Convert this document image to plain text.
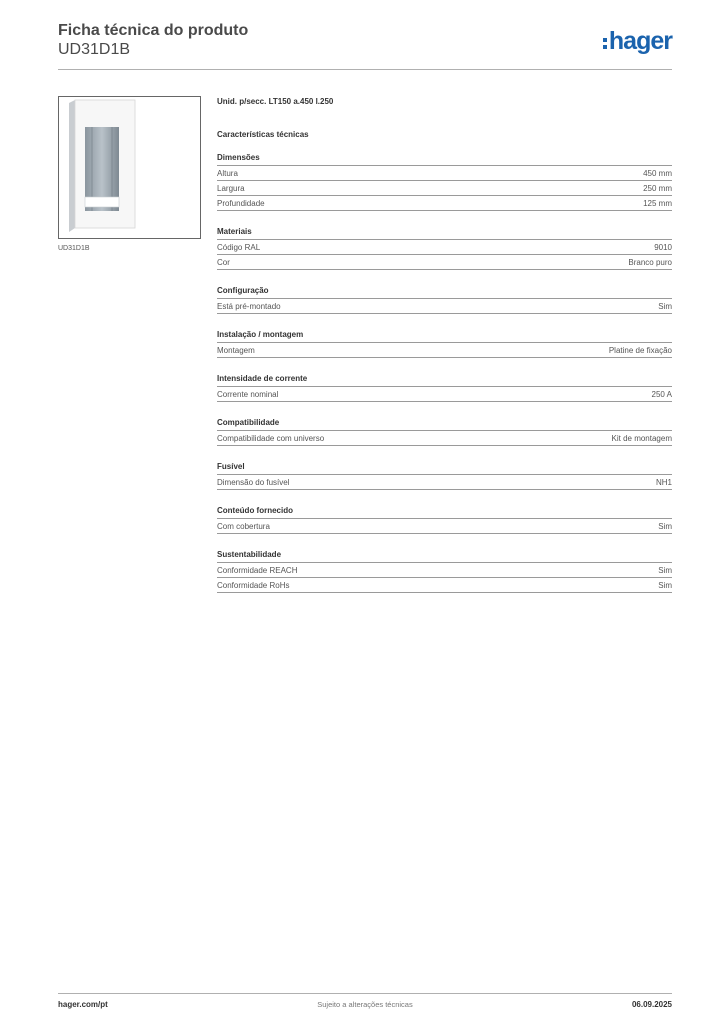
Ficha técnica do produto
UD31D1B	hager
UD31D1B
Unid. p/secc. LT150 a.450 l.250
Características técnicas
Dimensões
Altura	450 mm
Largura	250 mm
Profundidade	125 mm
Materiais
Código RAL	9010
Cor	Branco puro
Configuração
Está pré-montado	Sim
Instalação / montagem
Montagem	Platine de fixação
Intensidade de corrente
Corrente nominal	250 A
Compatibilidade
Compatibilidade com universo	Kit de montagem
Fusível
Dimensão do fusível	NH1
Conteúdo fornecido
Com cobertura	Sim
Sustentabilidade
Conformidade REACH	Sim
Conformidade RoHs	Sim
hager.com/pt	Sujeito a alterações técnicas	06.09.2025
